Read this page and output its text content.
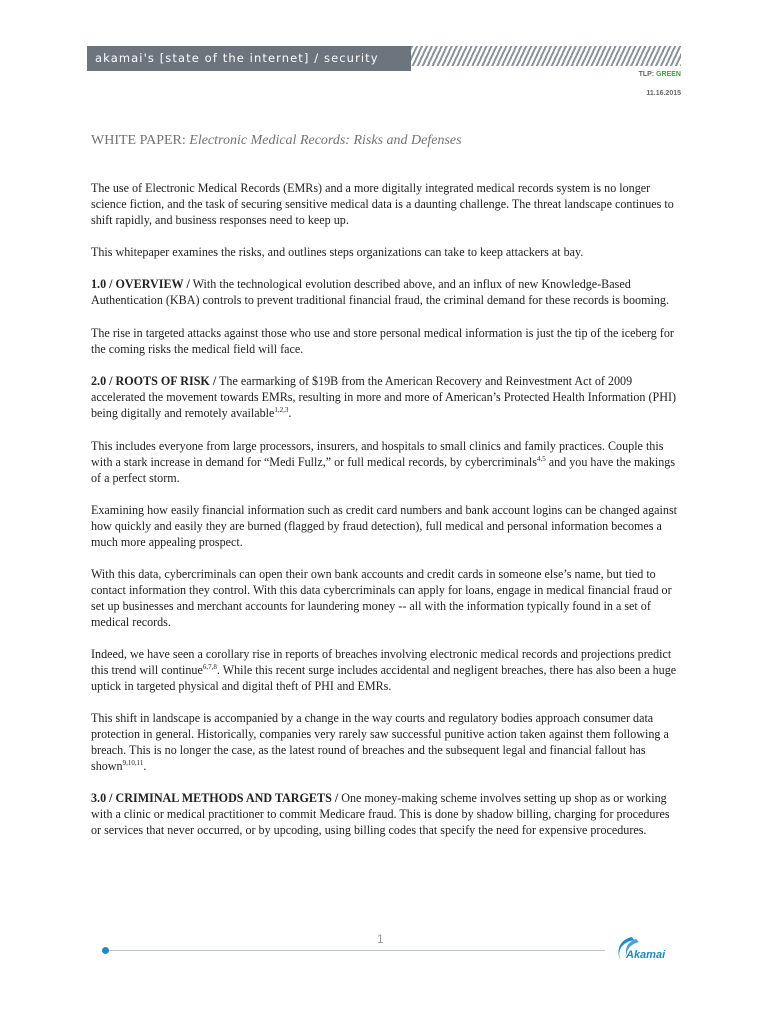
akamai's [state of the internet] / security
TLP: GREEN
11.16.2015
WHITE PAPER: Electronic Medical Records: Risks and Defenses

The use of Electronic Medical Records (EMRs) and a more digitally integrated medical records system is no longer science fiction, and the task of securing sensitive medical data is a daunting challenge. The threat landscape continues to shift rapidly, and business responses need to keep up.

This whitepaper examines the risks, and outlines steps organizations can take to keep attackers at bay.

1.0 / OVERVIEW / With the technological evolution described above, and an influx of new Knowledge-Based Authentication (KBA) controls to prevent traditional financial fraud, the criminal demand for these records is booming.

The rise in targeted attacks against those who use and store personal medical information is just the tip of the iceberg for the coming risks the medical field will face.

2.0 / ROOTS OF RISK / The earmarking of $19B from the American Recovery and Reinvestment Act of 2009 accelerated the movement towards EMRs, resulting in more and more of American’s Protected Health Information (PHI) being digitally and remotely available$^{1,2,3}$.

This includes everyone from large processors, insurers, and hospitals to small clinics and family practices. Couple this with a stark increase in demand for “Medi Fullz,” or full medical records, by cybercriminals$^{4,5}$ and you have the makings of a perfect storm.

Examining how easily financial information such as credit card numbers and bank account logins can be changed against how quickly and easily they are burned (flagged by fraud detection), full medical and personal information becomes a much more appealing prospect.

With this data, cybercriminals can open their own bank accounts and credit cards in someone else’s name, but tied to contact information they control. With this data cybercriminals can apply for loans, engage in medical financial fraud or set up businesses and merchant accounts for laundering money -- all with the information typically found in a set of medical records.

Indeed, we have seen a corollary rise in reports of breaches involving electronic medical records and projections predict this trend will continue$^{6,7,8}$. While this recent surge includes accidental and negligent breaches, there has also been a huge uptick in targeted physical and digital theft of PHI and EMRs.

This shift in landscape is accompanied by a change in the way courts and regulatory bodies approach consumer data protection in general. Historically, companies very rarely saw successful punitive action taken against them following a breach. This is no longer the case, as the latest round of breaches and the subsequent legal and financial fallout has shown$^{9,10,11}$.

3.0 / CRIMINAL METHODS AND TARGETS / One money-making scheme involves setting up shop as or working with a clinic or medical practitioner to commit Medicare fraud. This is done by shadow billing, charging for procedures or services that never occurred, or by upcoding, using billing codes that specify the need for expensive procedures.

1
Akamai
